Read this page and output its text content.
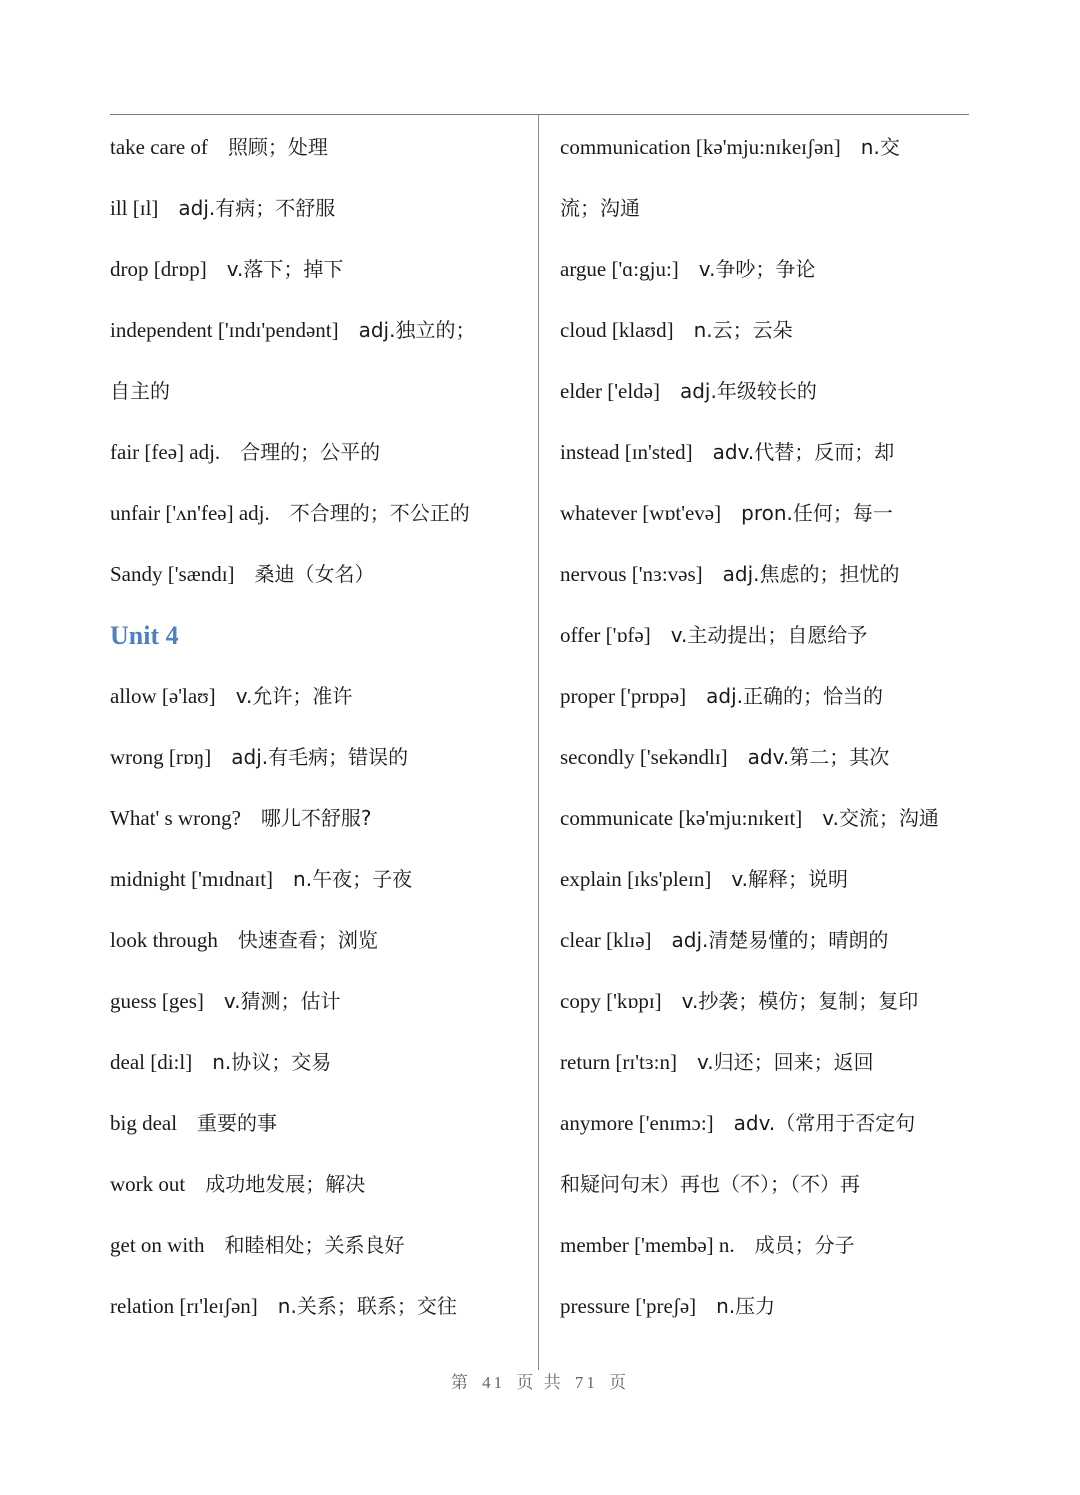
take care of 照顾；处理
ill [ɪl] adj.有病；不舒服
drop [drɒp] v.落下；掉下
independent ['ɪndɪ'pendənt] adj.独立的；
自主的
fair [feə] adj. 合理的；公平的
unfair ['ʌn'feə] adj. 不合理的；不公正的
Sandy ['sændɪ] 桑迪（女名）
Unit 4
allow [ə'laʊ] v.允许；准许
wrong [rɒŋ] adj.有毛病；错误的
What' s wrong? 哪儿不舒服?
midnight ['mɪdnaɪt] n.午夜；子夜
look through 快速查看；浏览
guess [ges] v.猜测；估计
deal [di:l] n.协议；交易
big deal 重要的事
work out 成功地发展；解决
get on with 和睦相处；关系良好
relation [rɪ'leɪʃən] n.关系；联系；交往
communication [kə'mju:nɪkeɪʃən] n.交
流；沟通
argue ['ɑ:gju:] v.争吵；争论
cloud [klaʊd] n.云；云朵
elder ['eldə] adj.年级较长的
instead [ɪn'sted] adv.代替；反而；却
whatever [wɒt'evə] pron.任何；每一
nervous ['nɜ:vəs] adj.焦虑的；担忧的
offer ['ɒfə] v.主动提出；自愿给予
proper ['prɒpə] adj.正确的；恰当的
secondly ['sekəndlɪ] adv.第二；其次
communicate [kə'mju:nɪkeɪt] v.交流；沟通
explain [ɪks'pleɪn] v.解释；说明
clear [klɪə] adj.清楚易懂的；晴朗的
copy ['kɒpɪ] v.抄袭；模仿；复制；复印
return [rɪ'tɜ:n] v.归还；回来；返回
anymore ['enɪmɔ:] adv.（常用于否定句
和疑问句末）再也（不）；（不）再
member ['membə] n. 成员；分子
pressure ['preʃə] n.压力
第 41 页 共 71 页
